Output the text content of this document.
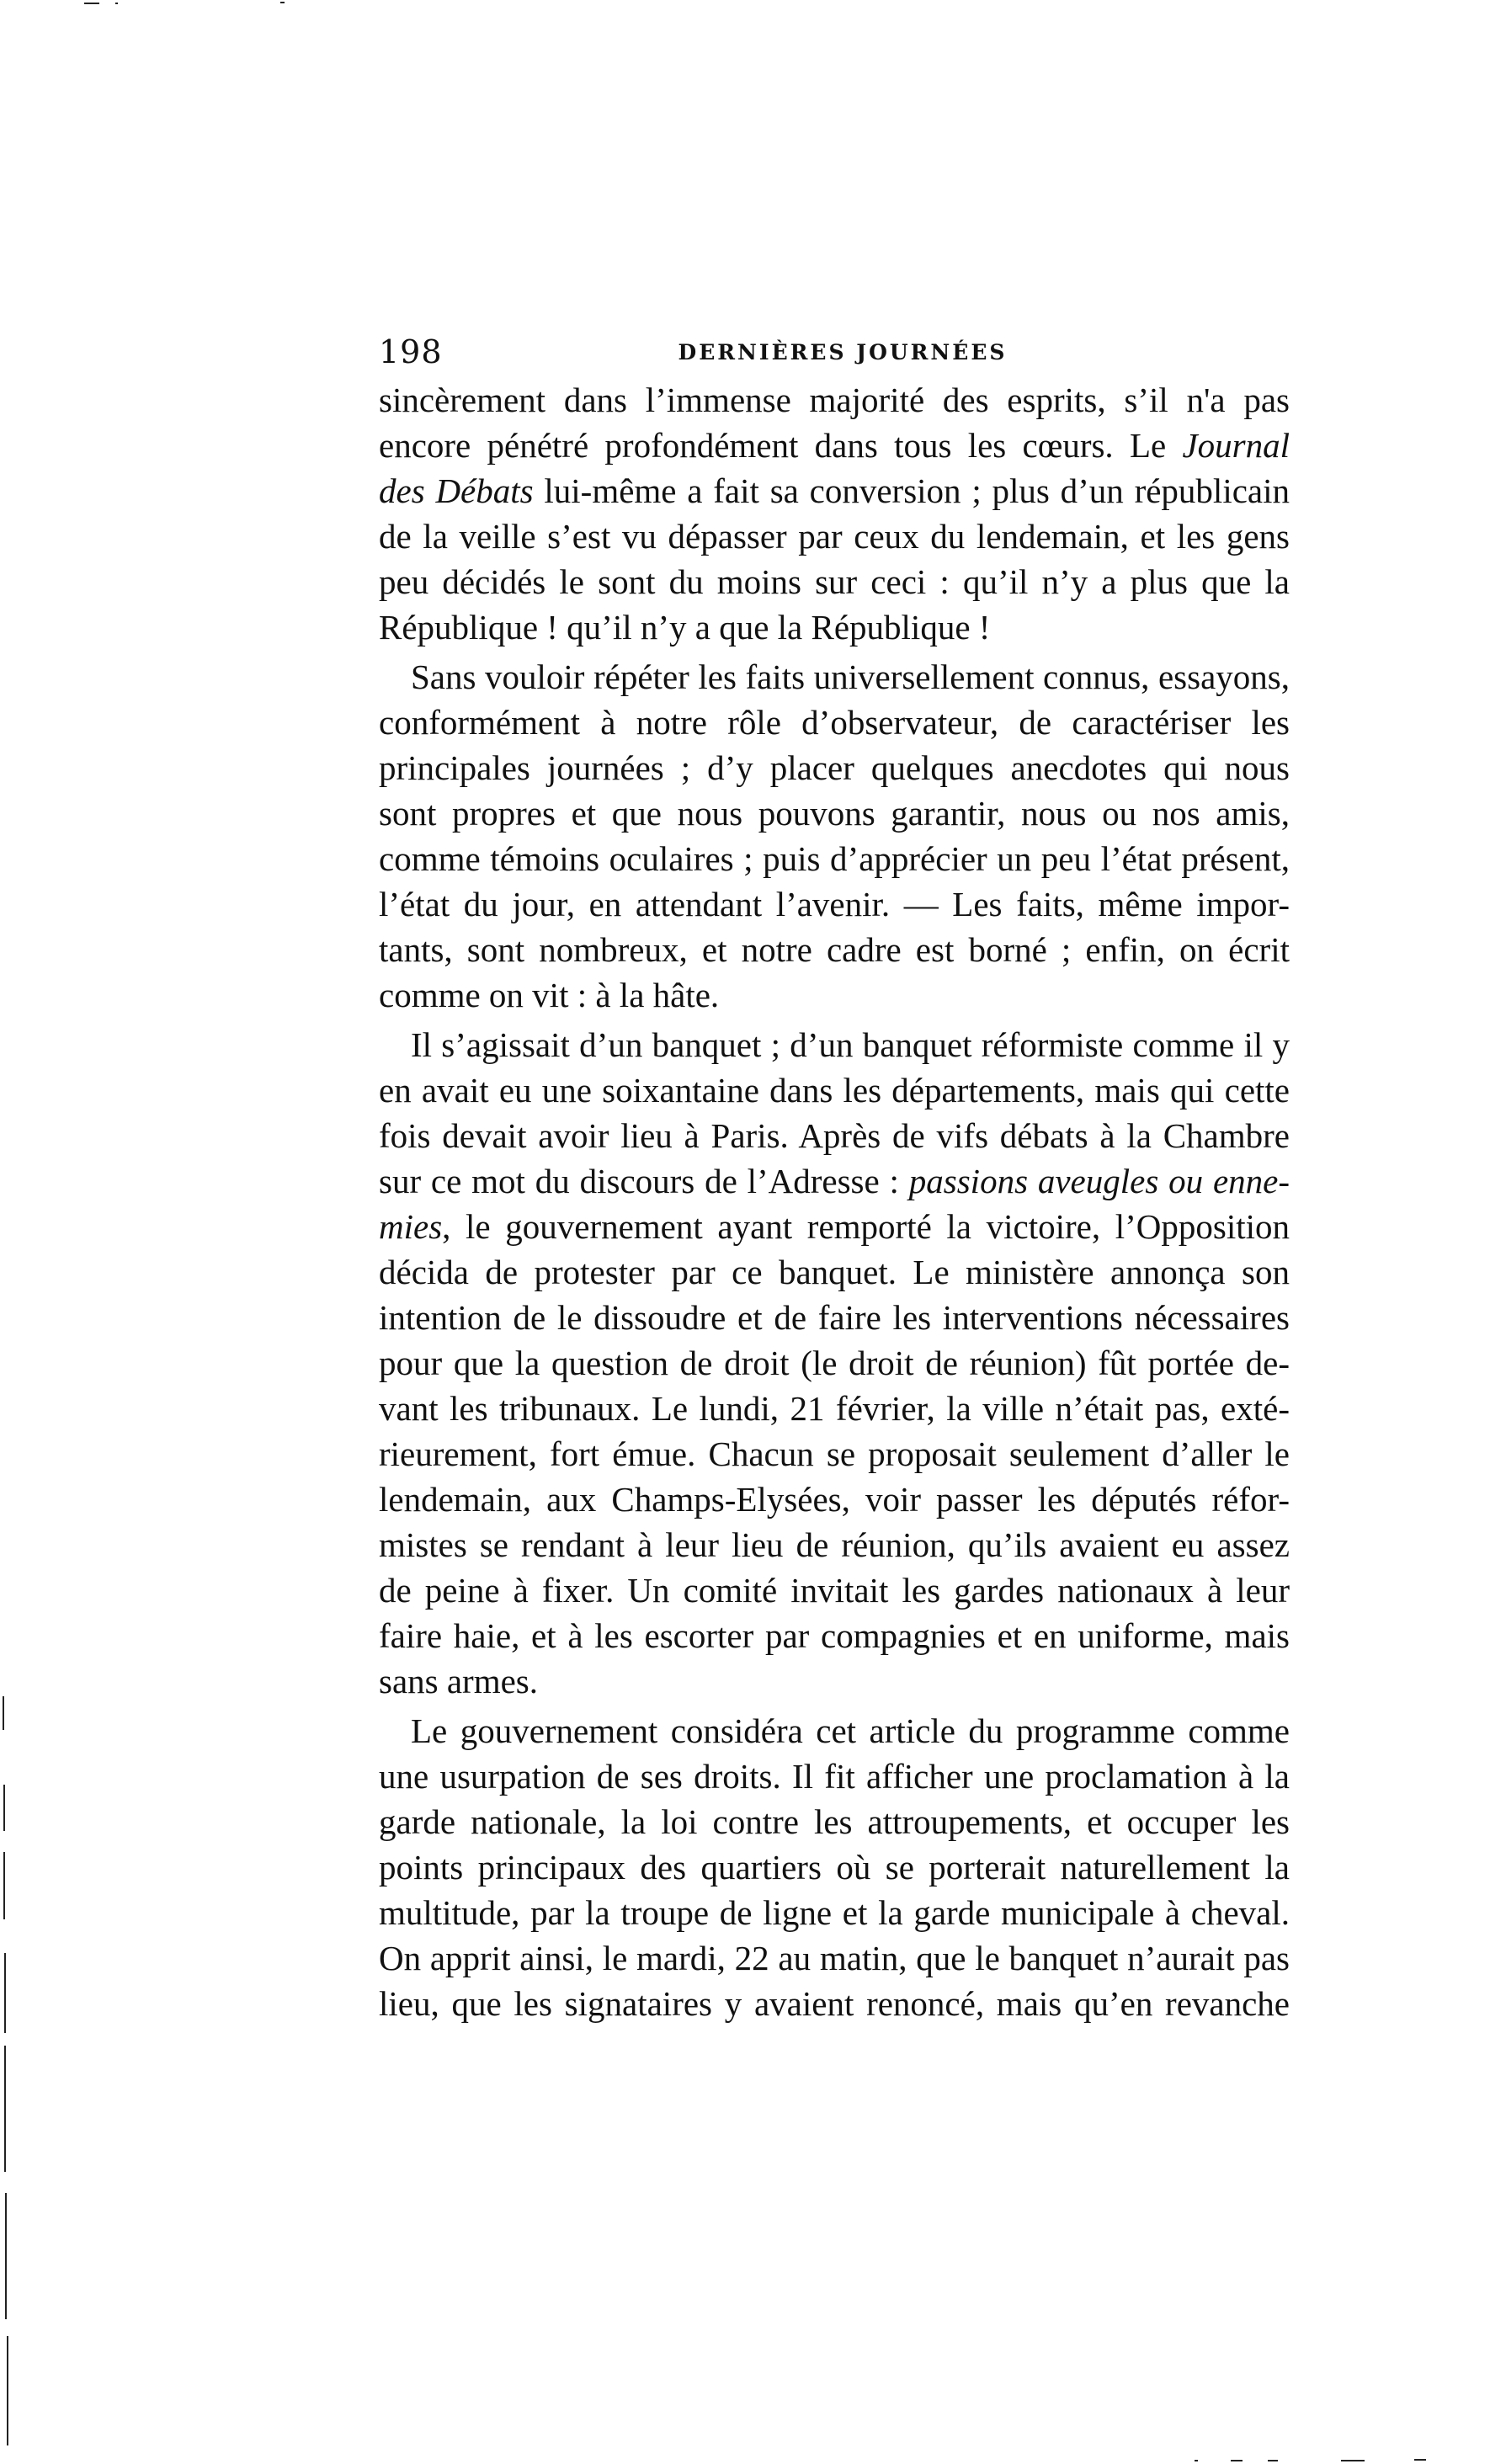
198	DERNIÈRES JOURNÉES
sincèrement dans l’immense majorité des esprits, s’il n'a pas
encore pénétré profondément dans tous les cœurs. Le Journal
des Débats lui-même a fait sa conversion ; plus d’un républicain
de la veille s’est vu dépasser par ceux du lendemain, et les gens
peu décidés le sont du moins sur ceci : qu’il n’y a plus que la
République ! qu’il n’y a que la République !
Sans vouloir répéter les faits universellement connus, essayons,
conformément à notre rôle d’observateur, de caractériser les
principales journées ; d’y placer quelques anecdotes qui nous
sont propres et que nous pouvons garantir, nous ou nos amis,
comme témoins oculaires ; puis d’apprécier un peu l’état présent,
l’état du jour, en attendant l’avenir. — Les faits, même impor-
tants, sont nombreux, et notre cadre est borné ; enfin, on écrit
comme on vit : à la hâte.
Il s’agissait d’un banquet ; d’un banquet réformiste comme il y
en avait eu une soixantaine dans les départements, mais qui cette
fois devait avoir lieu à Paris. Après de vifs débats à la Chambre
sur ce mot du discours de l’Adresse : passions aveugles ou enne-
mies, le gouvernement ayant remporté la victoire, l’Opposition
décida de protester par ce banquet. Le ministère annonça son
intention de le dissoudre et de faire les interventions nécessaires
pour que la question de droit (le droit de réunion) fût portée de-
vant les tribunaux. Le lundi, 21 février, la ville n’était pas, exté-
rieurement, fort émue. Chacun se proposait seulement d’aller le
lendemain, aux Champs-Elysées, voir passer les députés réfor-
mistes se rendant à leur lieu de réunion, qu’ils avaient eu assez
de peine à fixer. Un comité invitait les gardes nationaux à leur
faire haie, et à les escorter par compagnies et en uniforme, mais
sans armes.
Le gouvernement considéra cet article du programme comme
une usurpation de ses droits. Il fit afficher une proclamation à la
garde nationale, la loi contre les attroupements, et occuper les
points principaux des quartiers où se porterait naturellement la
multitude, par la troupe de ligne et la garde municipale à cheval.
On apprit ainsi, le mardi, 22 au matin, que le banquet n’aurait pas
lieu, que les signataires y avaient renoncé, mais qu’en revanche
